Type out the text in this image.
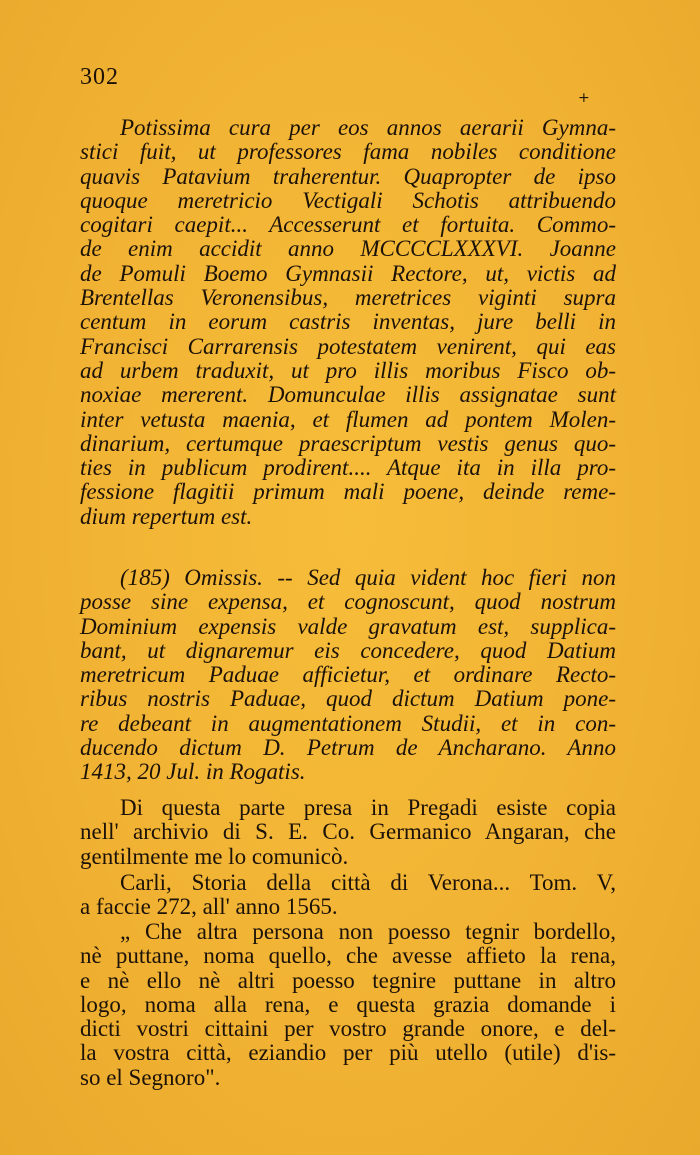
302
+
Potissima cura per eos annos aerarii Gymna-
stici fuit, ut professores fama nobiles conditione
quavis Patavium traherentur. Quapropter de ipso
quoque meretricio Vectigali Schotis attribuendo
cogitari caepit... Accesserunt et fortuita. Commo-
de enim accidit anno MCCCCLXXXVI. Joanne
de Pomuli Boemo Gymnasii Rectore, ut, victis ad
Brentellas Veronensibus, meretrices viginti supra
centum in eorum castris inventas, jure belli in
Francisci Carrarensis potestatem venirent, qui eas
ad urbem traduxit, ut pro illis moribus Fisco ob-
noxiae mererent. Domunculae illis assignatae sunt
inter vetusta maenia, et flumen ad pontem Molen-
dinarium, certumque praescriptum vestis genus quo-
ties in publicum prodirent.... Atque ita in illa pro-
fessione flagitii primum mali poene, deinde reme-
dium repertum est.
(185) Omissis. -- Sed quia vident hoc fieri non
posse sine expensa, et cognoscunt, quod nostrum
Dominium expensis valde gravatum est, supplica-
bant, ut dignaremur eis concedere, quod Datium
meretricum Paduae afficietur, et ordinare Recto-
ribus nostris Paduae, quod dictum Datium pone-
re debeant in augmentationem Studii, et in con-
ducendo dictum D. Petrum de Ancharano. Anno
1413, 20 Jul. in Rogatis.
Di questa parte presa in Pregadi esiste copia
nell' archivio di S. E. Co. Germanico Angaran, che
gentilmente me lo comunicò.
Carli, Storia della città di Verona... Tom. V,
a faccie 272, all' anno 1565.
„ Che altra persona non poesso tegnir bordello,
nè puttane, noma quello, che avesse affieto la rena,
e nè ello nè altri poesso tegnire puttane in altro
logo, noma alla rena, e questa grazia domande i
dicti vostri cittaini per vostro grande onore, e del-
la vostra città, eziandio per più utello (utile) d'is-
so el Segnoro".
